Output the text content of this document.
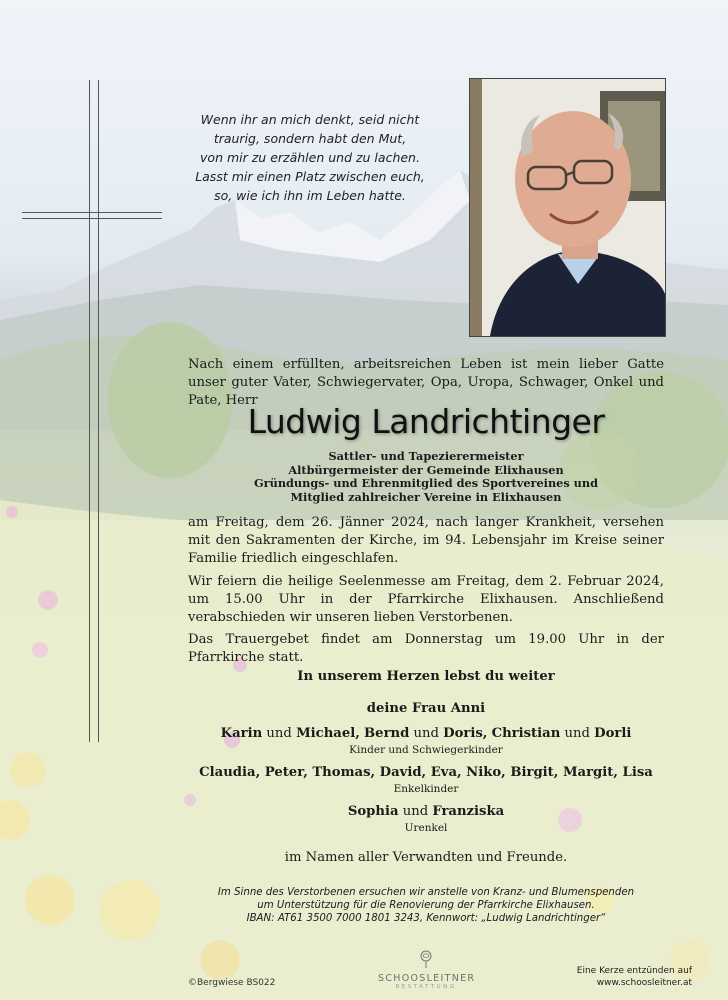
Wenn ihr an mich denkt, seid nicht
traurig, sondern habt den Mut,
von mir zu erzählen und zu lachen.
Lasst mir einen Platz zwischen euch,
so, wie ich ihn im Leben hatte.
Nach einem erfüllten, arbeitsreichen Leben ist mein lieber Gatte unser guter Vater, Schwiegervater, Opa, Uropa, Schwager, Onkel und Pate, Herr
Ludwig Landrichtinger
Sattler- und Tapezierermeister
Altbürgermeister der Gemeinde Elixhausen
Gründungs- und Ehrenmitglied des Sportvereines und
Mitglied zahlreicher Vereine in Elixhausen
am Freitag, dem 26. Jänner 2024, nach langer Krankheit, versehen mit den Sakramenten der Kirche, im 94. Lebensjahr im Kreise seiner Familie friedlich eingeschlafen.
Wir feiern die heilige Seelenmesse am Freitag, dem 2. Februar 2024, um 15.00 Uhr in der Pfarrkirche Elixhausen. Anschließend verabschieden wir unseren lieben Verstorbenen.
Das Trauergebet findet am Donnerstag um 19.00 Uhr in der Pfarrkirche statt.
In unserem Herzen lebst du weiter
deine Frau Anni
Karin und Michael, Bernd und Doris, Christian und Dorli
Kinder und Schwiegerkinder
Claudia, Peter, Thomas, David, Eva, Niko, Birgit, Margit, Lisa
Enkelkinder
Sophia und Franziska
Urenkel
im Namen aller Verwandten und Freunde.
Im Sinne des Verstorbenen ersuchen wir anstelle von Kranz- und Blumenspenden
um Unterstützung für die Renovierung der Pfarrkirche Elixhausen.
IBAN: AT61 3500 7000 1801 3243, Kennwort: „Ludwig Landrichtinger“
©Bergwiese BS022	SCHOOSLEITNER
BESTATTUNG
Eine Kerze entzünden auf
www.schoosleitner.at
